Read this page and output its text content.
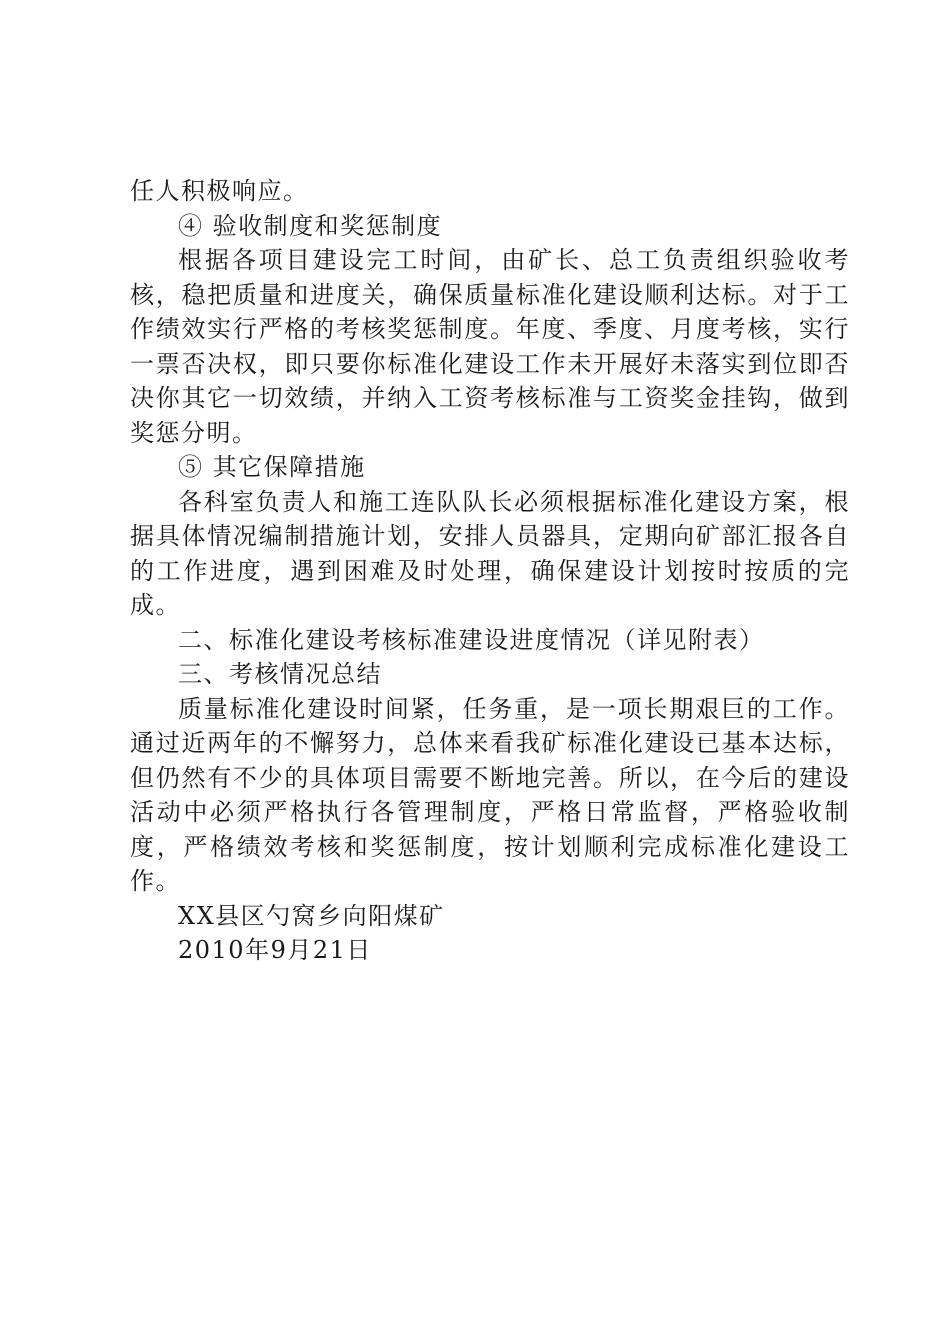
任人积极响应。

④ 验收制度和奖惩制度

根据各项目建设完工时间，由矿长、总工负责组织验收考核，稳把质量和进度关，确保质量标准化建设顺利达标。对于工作绩效实行严格的考核奖惩制度。年度、季度、月度考核，实行一票否决权，即只要你标准化建设工作未开展好未落实到位即否决你其它一切效绩，并纳入工资考核标准与工资奖金挂钩，做到奖惩分明。

⑤ 其它保障措施

各科室负责人和施工连队队长必须根据标准化建设方案，根据具体情况编制措施计划，安排人员器具，定期向矿部汇报各自的工作进度，遇到困难及时处理，确保建设计划按时按质的完成。

二、标准化建设考核标准建设进度情况（详见附表）

三、考核情况总结

质量标准化建设时间紧，任务重，是一项长期艰巨的工作。通过近两年的不懈努力，总体来看我矿标准化建设已基本达标，但仍然有不少的具体项目需要不断地完善。所以，在今后的建设活动中必须严格执行各管理制度，严格日常监督，严格验收制度，严格绩效考核和奖惩制度，按计划顺利完成标准化建设工作。

XX县区勺窝乡向阳煤矿

2010年9月21日
